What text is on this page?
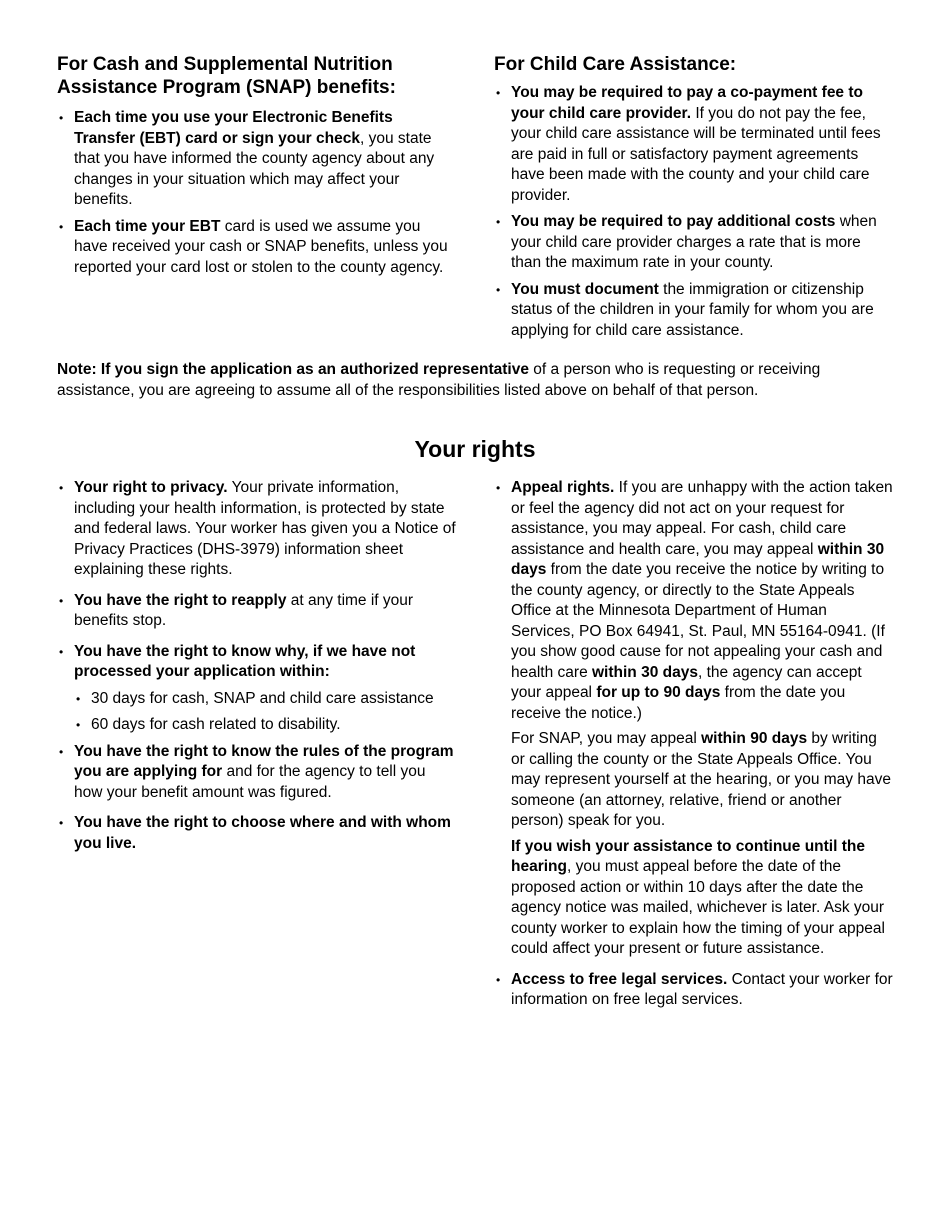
For Cash and Supplemental Nutrition Assistance Program (SNAP) benefits:
• Each time you use your Electronic Benefits Transfer (EBT) card or sign your check, you state that you have informed the county agency about any changes in your situation which may affect your benefits.
• Each time your EBT card is used we assume you have received your cash or SNAP benefits, unless you reported your card lost or stolen to the county agency.
For Child Care Assistance:
• You may be required to pay a co-payment fee to your child care provider. If you do not pay the fee, your child care assistance will be terminated until fees are paid in full or satisfactory payment agreements have been made with the county and your child care provider.
• You may be required to pay additional costs when your child care provider charges a rate that is more than the maximum rate in your county.
• You must document the immigration or citizenship status of the children in your family for whom you are applying for child care assistance.

Note: If you sign the application as an authorized representative of a person who is requesting or receiving assistance, you are agreeing to assume all of the responsibilities listed above on behalf of that person.

Your rights
• Your right to privacy. Your private information, including your health information, is protected by state and federal laws. Your worker has given you a Notice of Privacy Practices (DHS-3979) information sheet explaining these rights.
• You have the right to reapply at any time if your benefits stop.
• You have the right to know why, if we have not processed your application within:
• 30 days for cash, SNAP and child care assistance
• 60 days for cash related to disability.
• You have the right to know the rules of the program you are applying for and for the agency to tell you how your benefit amount was figured.
• You have the right to choose where and with whom you live.
• Appeal rights. If you are unhappy with the action taken or feel the agency did not act on your request for assistance, you may appeal. For cash, child care assistance and health care, you may appeal within 30 days from the date you receive the notice by writing to the county agency, or directly to the State Appeals Office at the Minnesota Department of Human Services, PO Box 64941, St. Paul, MN 55164-0941. (If you show good cause for not appealing your cash and health care within 30 days, the agency can accept your appeal for up to 90 days from the date you receive the notice.)

For SNAP, you may appeal within 90 days by writing or calling the county or the State Appeals Office. You may represent yourself at the hearing, or you may have someone (an attorney, relative, friend or another person) speak for you.

If you wish your assistance to continue until the hearing, you must appeal before the date of the proposed action or within 10 days after the date the agency notice was mailed, whichever is later. Ask your county worker to explain how the timing of your appeal could affect your present or future assistance.

• Access to free legal services. Contact your worker for information on free legal services.
